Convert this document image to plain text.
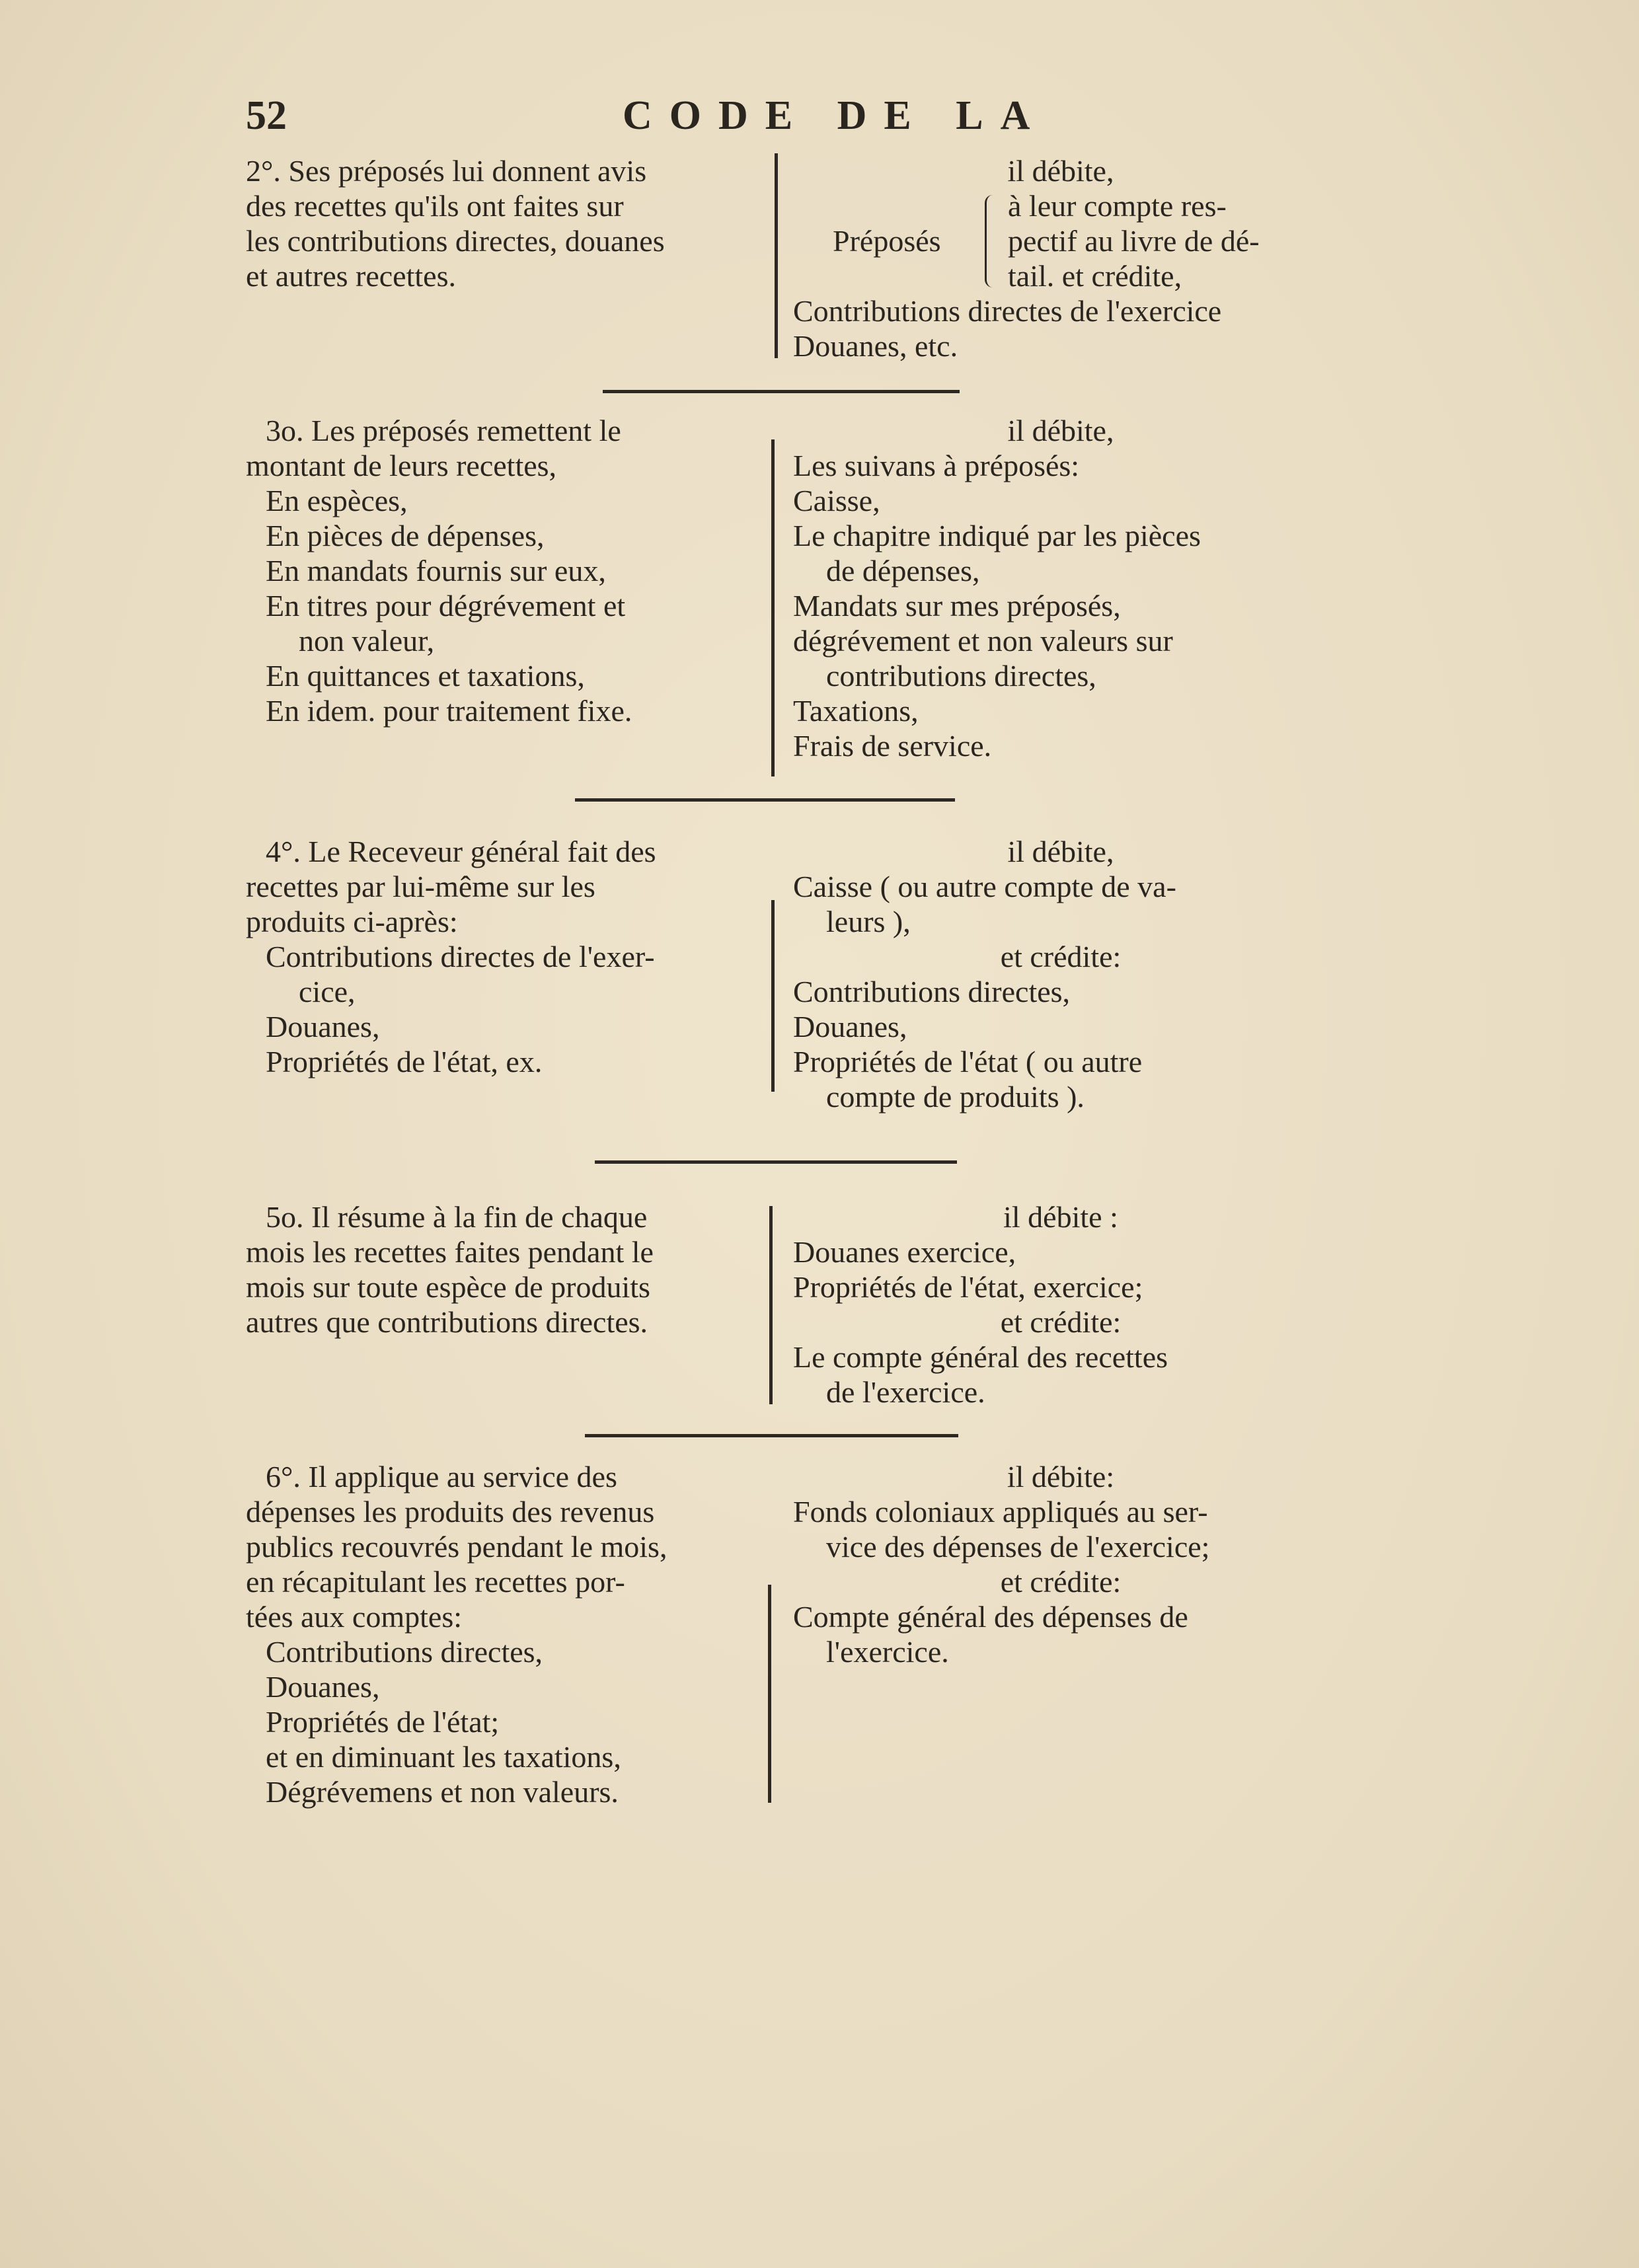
52	CODE DE LA
2°. Ses préposés lui donnent avis
des recettes qu'ils ont faites sur
les contributions directes, douanes
et autres recettes.
il débite,
Préposés
à leur compte res-
pectif au livre de dé-
tail. et crédite,
Contributions directes de l'exercice
Douanes, etc.
3o. Les préposés remettent le
montant de leurs recettes,
En espèces,
En pièces de dépenses,
En mandats fournis sur eux,
En titres pour dégrévement et
non valeur,
En quittances et taxations,
En idem. pour traitement fixe.
il débite,
Les suivans à préposés:
Caisse,
Le chapitre indiqué par les pièces
de dépenses,
Mandats sur mes préposés,
dégrévement et non valeurs sur
contributions directes,
Taxations,
Frais de service.
4°. Le Receveur général fait des
recettes par lui-même sur les
produits ci-après:
Contributions directes de l'exer-
cice,
Douanes,
Propriétés de l'état, ex.
il débite,
Caisse ( ou autre compte de va-
leurs ),
et crédite:
Contributions directes,
Douanes,
Propriétés de l'état ( ou autre
compte de produits ).
5o. Il résume à la fin de chaque
mois les recettes faites pendant le
mois sur toute espèce de produits
autres que contributions directes.
il débite :
Douanes exercice,
Propriétés de l'état, exercice;
et crédite:
Le compte général des recettes
de l'exercice.
6°. Il applique au service des
dépenses les produits des revenus
publics recouvrés pendant le mois,
en récapitulant les recettes por-
tées aux comptes:
Contributions directes,
Douanes,
Propriétés de l'état;
et en diminuant les taxations,
Dégrévemens et non valeurs.
il débite:
Fonds coloniaux appliqués au ser-
vice des dépenses de l'exercice;
et crédite:
Compte général des dépenses de
l'exercice.
